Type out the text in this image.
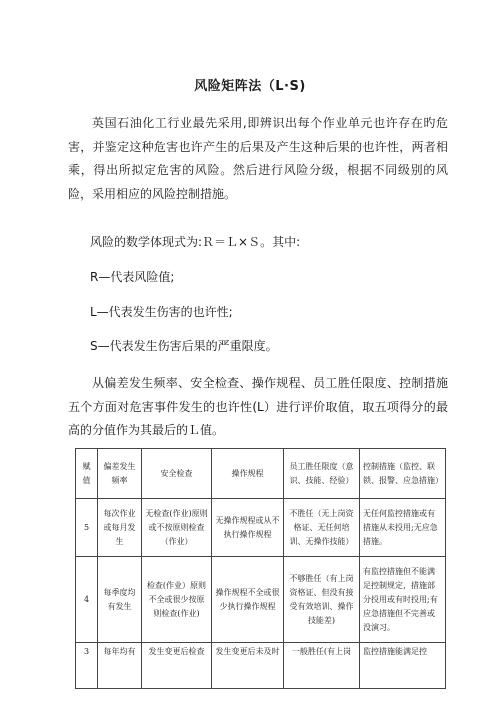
风险矩阵法（L·S)

英国石油化工行业最先采用,即辨识出每个作业单元也许存在旳危害，并鉴定这种危害也许产生的后果及产生这种后果的也许性，两者相乘，得出所拟定危害的风险。然后进行风险分级，根据不同级别的风险，采用相应的风险控制措施。

风险的数学体现式为:Ｒ＝Ｌ×Ｓ。其中:

R—代表风险值;

L—代表发生伤害的也许性;

S—代表发生伤害后果的严重限度。

从偏差发生频率、安全检查、操作规程、员工胜任限度、控制措施五个方面对危害事件发生的也许性(L）进行评价取值，取五项得分的最高的分值作为其最后的Ｌ值。

赋值	偏差发生频率	安全检查	操作规程	员工胜任限度（意识、技能、经验）	控制措施（监控、联锁、报警、应急措施）
5	每次作业或每月发生	无检查(作业)原则或不按原则检查（作业）	无操作规程或从不执行操作规程	不胜任（无上岗资格证、无任何培训、无操作技能）	无任何监控措施或有措施从未投用;无应急措施。
4	每季度均有发生	检查(作业）原则不全或很少按原则检查(作业)	操作规程不全或很少执行操作规程	不够胜任（有上岗资格证、但没有接受有效培训、操作技能差)	有监控措施但不能满足控制规定，措施部分投用或有时投用;有应急措施但不完善或没演习。
3	每年均有	发生变更后检查	发生变更后未及时	一般胜任(有上岗	监控措施能满足控
